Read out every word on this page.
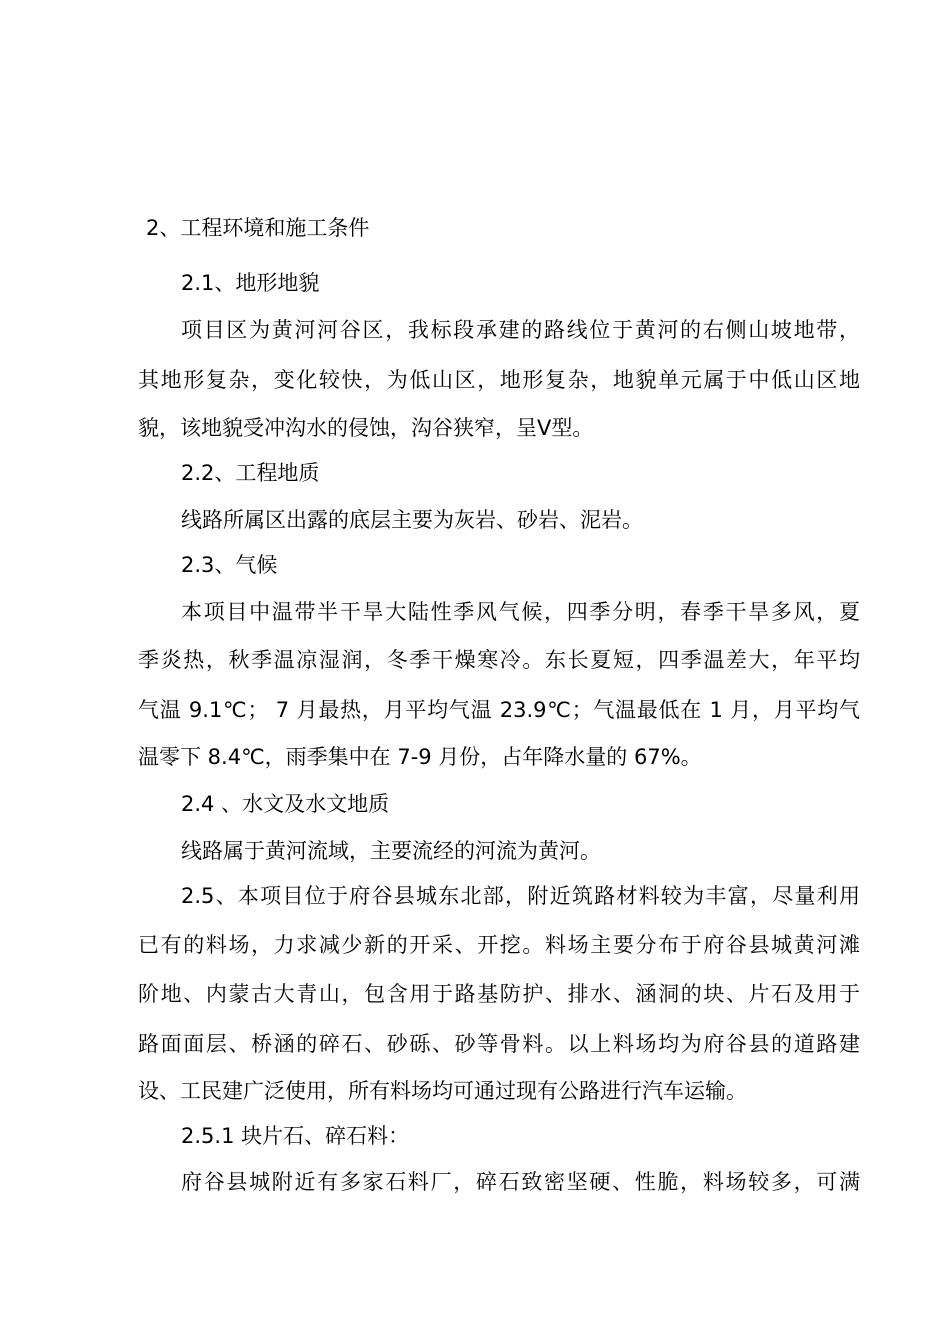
2、工程环境和施工条件
2.1、地形地貌
项目区为黄河河谷区，我标段承建的路线位于黄河的右侧山坡地带，
其地形复杂，变化较快，为低山区，地形复杂，地貌单元属于中低山区地
貌，该地貌受冲沟水的侵蚀，沟谷狭窄，呈Ⅴ型。
2.2、工程地质
线路所属区出露的底层主要为灰岩、砂岩、泥岩。
2.3、气候
本项目中温带半干旱大陆性季风气候，四季分明，春季干旱多风，夏
季炎热，秋季温凉湿润，冬季干燥寒冷。东长夏短，四季温差大，年平均
气温 9.1℃； 7 月最热，月平均气温 23.9℃；气温最低在 1 月，月平均气
温零下 8.4℃，雨季集中在 7-9 月份，占年降水量的 67%。
2.4 、水文及水文地质
线路属于黄河流域，主要流经的河流为黄河。
2.5、本项目位于府谷县城东北部，附近筑路材料较为丰富，尽量利用
已有的料场，力求减少新的开采、开挖。料场主要分布于府谷县城黄河滩
阶地、内蒙古大青山，包含用于路基防护、排水、涵洞的块、片石及用于
路面面层、桥涵的碎石、砂砾、砂等骨料。以上料场均为府谷县的道路建
设、工民建广泛使用，所有料场均可通过现有公路进行汽车运输。
2.5.1 块片石、碎石料：
府谷县城附近有多家石料厂，碎石致密坚硬、性脆，料场较多，可满
